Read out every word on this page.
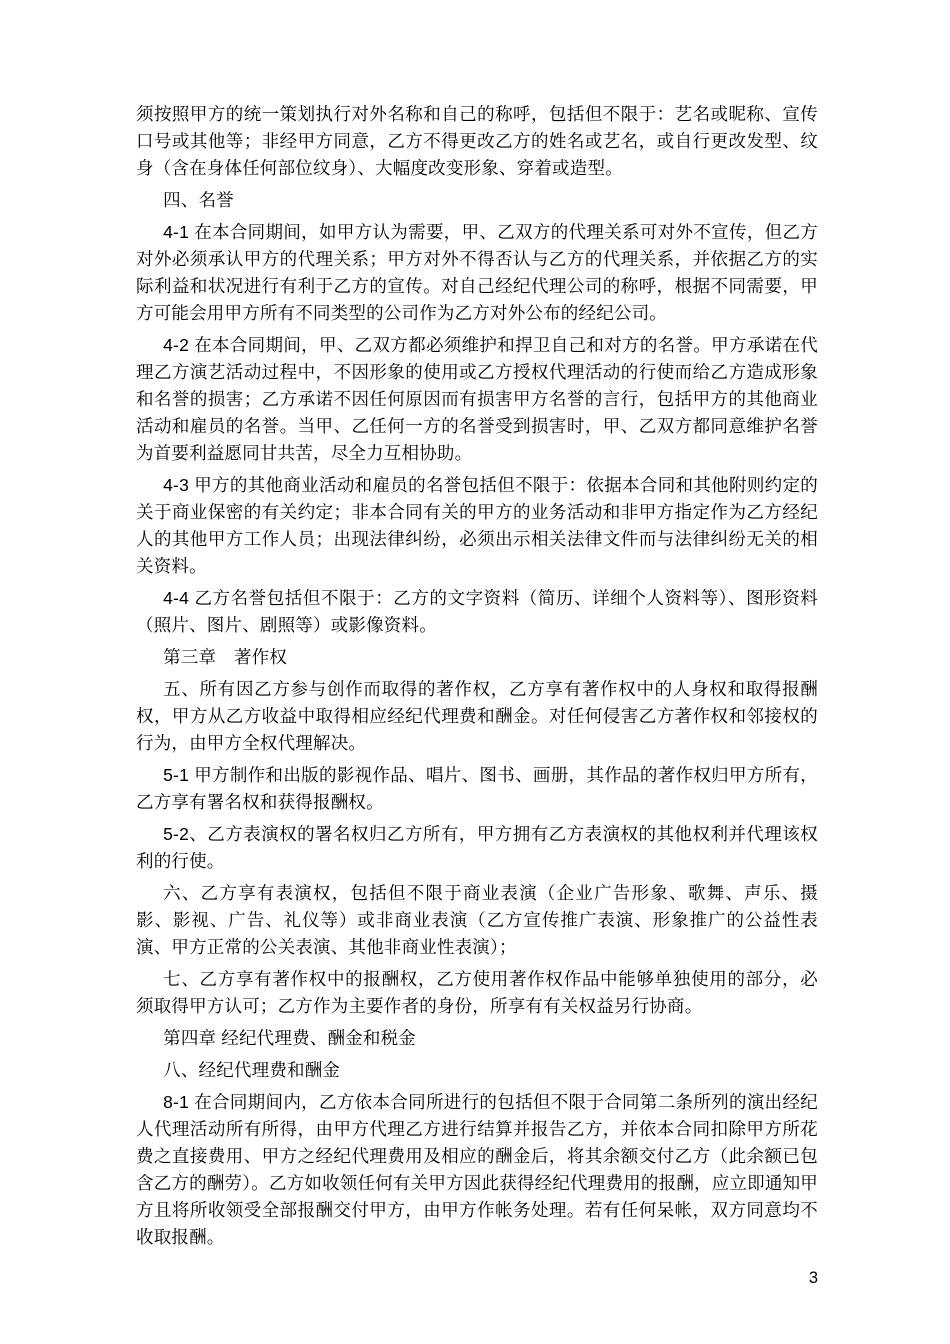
须按照甲方的统一策划执行对外名称和自己的称呼，包括但不限于：艺名或昵称、宣传口号或其他等；非经甲方同意，乙方不得更改乙方的姓名或艺名，或自行更改发型、纹身（含在身体任何部位纹身）、大幅度改变形象、穿着或造型。

四、名誉

4-1 在本合同期间，如甲方认为需要，甲、乙双方的代理关系可对外不宣传，但乙方对外必须承认甲方的代理关系；甲方对外不得否认与乙方的代理关系，并依据乙方的实际利益和状况进行有利于乙方的宣传。对自己经纪代理公司的称呼，根据不同需要，甲方可能会用甲方所有不同类型的公司作为乙方对外公布的经纪公司。

4-2 在本合同期间，甲、乙双方都必须维护和捍卫自己和对方的名誉。甲方承诺在代理乙方演艺活动过程中，不因形象的使用或乙方授权代理活动的行使而给乙方造成形象和名誉的损害；乙方承诺不因任何原因而有损害甲方名誉的言行，包括甲方的其他商业活动和雇员的名誉。当甲、乙任何一方的名誉受到损害时，甲、乙双方都同意维护名誉为首要利益愿同甘共苦，尽全力互相协助。

4-3 甲方的其他商业活动和雇员的名誉包括但不限于：依据本合同和其他附则约定的关于商业保密的有关约定；非本合同有关的甲方的业务活动和非甲方指定作为乙方经纪人的其他甲方工作人员；出现法律纠纷，必须出示相关法律文件而与法律纠纷无关的相关资料。

4-4 乙方名誉包括但不限于：乙方的文字资料（简历、详细个人资料等）、图形资料（照片、图片、剧照等）或影像资料。

第三章　著作权

五、所有因乙方参与创作而取得的著作权，乙方享有著作权中的人身权和取得报酬权，甲方从乙方收益中取得相应经纪代理费和酬金。对任何侵害乙方著作权和邻接权的行为，由甲方全权代理解决。

5-1 甲方制作和出版的影视作品、唱片、图书、画册，其作品的著作权归甲方所有，乙方享有署名权和获得报酬权。

5-2、乙方表演权的署名权归乙方所有，甲方拥有乙方表演权的其他权利并代理该权利的行使。

六、乙方享有表演权，包括但不限于商业表演（企业广告形象、歌舞、声乐、摄影、影视、广告、礼仪等）或非商业表演（乙方宣传推广表演、形象推广的公益性表演、甲方正常的公关表演、其他非商业性表演）；

七、乙方享有著作权中的报酬权，乙方使用著作权作品中能够单独使用的部分，必须取得甲方认可；乙方作为主要作者的身份，所享有有关权益另行协商。

第四章 经纪代理费、酬金和税金

八、经纪代理费和酬金

8-1 在合同期间内，乙方依本合同所进行的包括但不限于合同第二条所列的演出经纪人代理活动所有所得，由甲方代理乙方进行结算并报告乙方，并依本合同扣除甲方所花费之直接费用、甲方之经纪代理费用及相应的酬金后，将其余额交付乙方（此余额已包含乙方的酬劳）。乙方如收领任何有关甲方因此获得经纪代理费用的报酬，应立即通知甲方且将所收领受全部报酬交付甲方，由甲方作帐务处理。若有任何呆帐，双方同意均不收取报酬。

3
